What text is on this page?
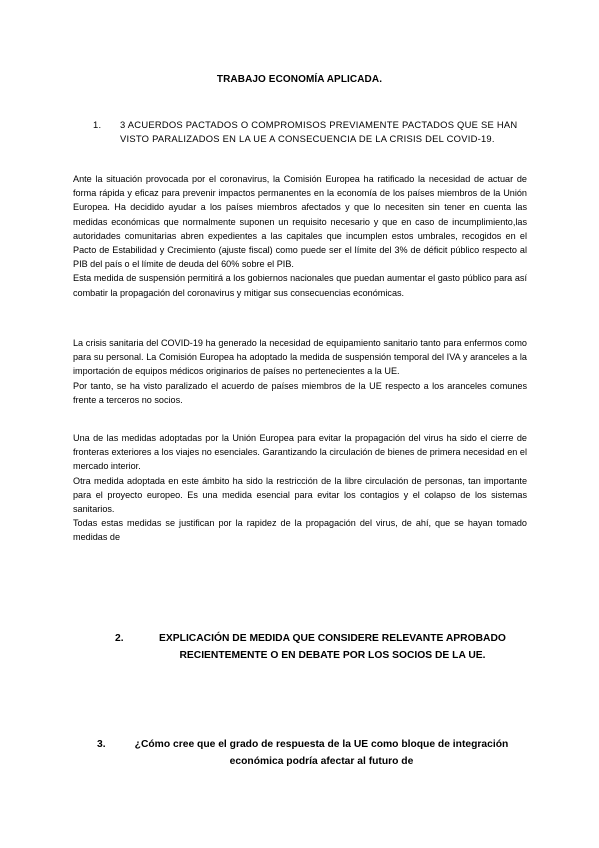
TRABAJO ECONOMÍA APLICADA.
1. 3 ACUERDOS PACTADOS O COMPROMISOS PREVIAMENTE PACTADOS QUE SE HAN VISTO PARALIZADOS EN LA UE A CONSECUENCIA DE LA CRISIS DEL COVID-19.

Ante la situación provocada por el coronavirus, la Comisión Europea ha ratificado la necesidad de actuar de forma rápida y eficaz para prevenir impactos permanentes en la economía de los países miembros de la Unión Europea. Ha decidido ayudar a los países miembros afectados y que lo necesiten sin tener en cuenta las medidas económicas que normalmente suponen un requisito necesario y que en caso de incumplimiento,las autoridades comunitarias abren expedientes a las capitales que incumplen estos umbrales, recogidos en el Pacto de Estabilidad y Crecimiento (ajuste fiscal) como puede ser el límite del 3% de déficit público respecto al PIB del país o el límite de deuda del 60% sobre el PIB.

Esta medida de suspensión permitirá a los gobiernos nacionales que puedan aumentar el gasto público para así combatir la propagación del coronavirus y mitigar sus consecuencias económicas.

La crisis sanitaria del COVID-19 ha generado la necesidad de equipamiento sanitario tanto para enfermos como para su personal. La Comisión Europea ha adoptado la medida de suspensión temporal del IVA y aranceles a la importación de equipos médicos originarios de países no pertenecientes a la UE.

Por tanto, se ha visto paralizado el acuerdo de países miembros de la UE respecto a los aranceles comunes frente a terceros no socios.

Una de las medidas adoptadas por la Unión Europea para evitar la propagación del virus ha sido el cierre de fronteras exteriores a los viajes no esenciales. Garantizando la circulación de bienes de primera necesidad en el mercado interior.

Otra medida adoptada en este ámbito ha sido la restricción de la libre circulación de personas, tan importante para el proyecto europeo. Es una medida esencial para evitar los contagios y el colapso de los sistemas sanitarios.

Todas estas medidas se justifican por la rapidez de la propagación del virus, de ahí, que se hayan tomado medidas de

2.	EXPLICACIÓN DE MEDIDA QUE CONSIDERE RELEVANTE APROBADO RECIENTEMENTE O EN DEBATE POR LOS SOCIOS DE LA UE.
3.	¿Cómo cree que el grado de respuesta de la UE como bloque de integración económica podría afectar al futuro de
